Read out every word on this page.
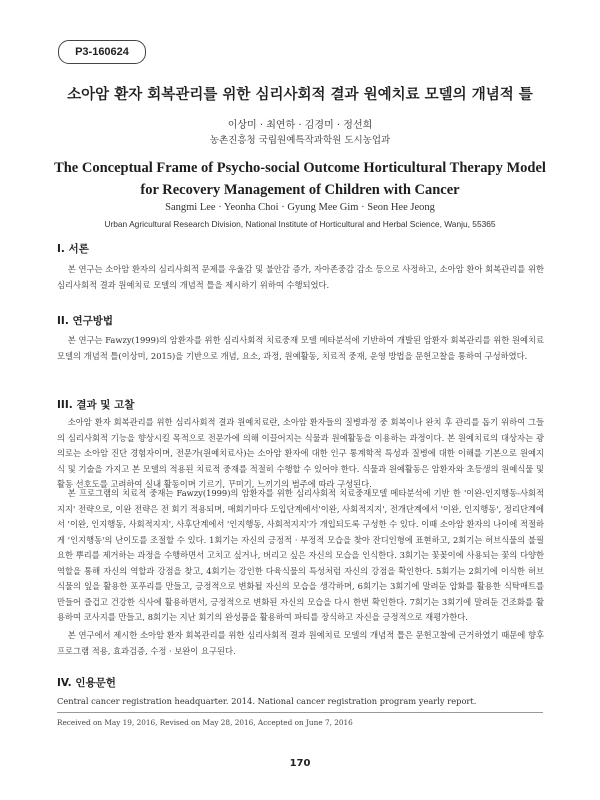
P3-160624
소아암 환자 회복관리를 위한 심리사회적 결과 원예치료 모델의 개념적 틀
이상미 · 최연하 · 김경미 · 정선희
농촌진흥청 국립원예특작과학원 도시농업과
The Conceptual Frame of Psycho-social Outcome Horticultural Therapy Model
for Recovery Management of Children with Cancer
Sangmi Lee · Yeonha Choi · Gyung Mee Gim · Seon Hee Jeong
Urban Agricultural Research Division, National Institute of Horticultural and Herbal Science, Wanju, 55365
I. 서론

본 연구는 소아암 환자의 심리사회적 문제를 우울감 및 불안감 증가, 자아존중감 감소 등으로 사정하고, 소아암 환아 회복관리를 위한 심리사회적 결과 원예치료 모델의 개념적 틀을 제시하기 위하여 수행되었다.

II. 연구방법

본 연구는 Fawzy(1999)의 암환자를 위한 심리사회적 치료중재 모델 메타분석에 기반하여 개발된 암환자 회복관리를 위한 원예치료 모델의 개념적 틀(이상미, 2015)을 기반으로 개념, 요소, 과정, 원예활동, 치료적 중재, 운영 방법을 문헌고찰을 통하여 구성하였다.

III. 결과 및 고찰

소아암 환자 회복관리를 위한 심리사회적 결과 원예치료란, 소아암 환자들의 질병과정 중 회복이나 완치 후 관리를 돕기 위하여 그들의 심리사회적 기능을 향상시킬 목적으로 전문가에 의해 이끌어지는 식물과 원예활동을 이용하는 과정이다. 본 원예치료의 대상자는 광의로는 소아암 진단 경험자이며, 전문가(원예치료사)는 소아암 환자에 대한 인구 통계학적 특성과 질병에 대한 이해를 기본으로 원예지식 및 기술을 가지고 본 모델의 적용된 치료적 중재를 적절히 수행할 수 있어야 한다. 식물과 원예활동은 암환자와 초등생의 원예식물 및 활동 선호도를 고려하여 실내 활동이며 기르기, 꾸미기, 느끼기의 범주에 따라 구성된다.

본 프로그램의 치료적 중재는 Fawzy(1999)의 암환자를 위한 심리사회적 치료중재모델 메타분석에 기반 한 '이완-인지행동-사회적지지' 전략으로, 이완 전략은 전 회기 적용되며, 매회기마다 도입단계에서'이완, 사회적지지', 전개단계에서 '이완, 인지행동', 정리단계에서 '이완, 인지행동, 사회적지지', 사후단계에서 '인지행동, 사회적지지'가 개입되도록 구성한 수 있다. 이때 소아암 환자의 나이에 적절하게 '인지행동'의 난이도를 조절할 수 있다. 1회기는 자신의 긍정적 · 부정적 모습을 찾아 잔디인형에 표현하고, 2회기는 허브식물의 불필요한 뿌리를 제거하는 과정을 수행하면서 고치고 싶거나, 버리고 싶은 자신의 모습을 인식한다. 3회기는 꽃꽂이에 사용되는 꽃의 다양한 역할을 통해 자신의 역할과 강점을 찾고, 4회기는 강인한 다육식물의 특성처럼 자신의 강점을 확인한다. 5회기는 2회기에 이식한 허브식물의 잎을 활용한 포푸리를 만들고, 긍정적으로 변화될 자신의 모습을 생각하며, 6회기는 3회기에 말려둔 압화를 활용한 식탁매트를 만들어 즐겁고 건강한 식사에 활용하면서, 긍정적으로 변화된 자신의 모습을 다시 한번 확인한다. 7회기는 3회기에 말려둔 건조화를 활용하여 코사지를 만들고, 8회기는 지난 회기의 완성품을 활용하여 파티를 장식하고 자신을 긍정적으로 재평가한다.

본 연구에서 제시한 소아암 환자 회복관리를 위한 심리사회적 결과 원예치료 모델의 개념적 틀은 문헌고찰에 근거하였기 때문에 향후 프로그램 적용, 효과검증, 수정 · 보완이 요구된다.

IV. 인용문헌

Central cancer registration headquarter. 2014. National cancer registration program yearly report.

Received on May 19, 2016, Revised on May 28, 2016, Accepted on June 7, 2016
170
